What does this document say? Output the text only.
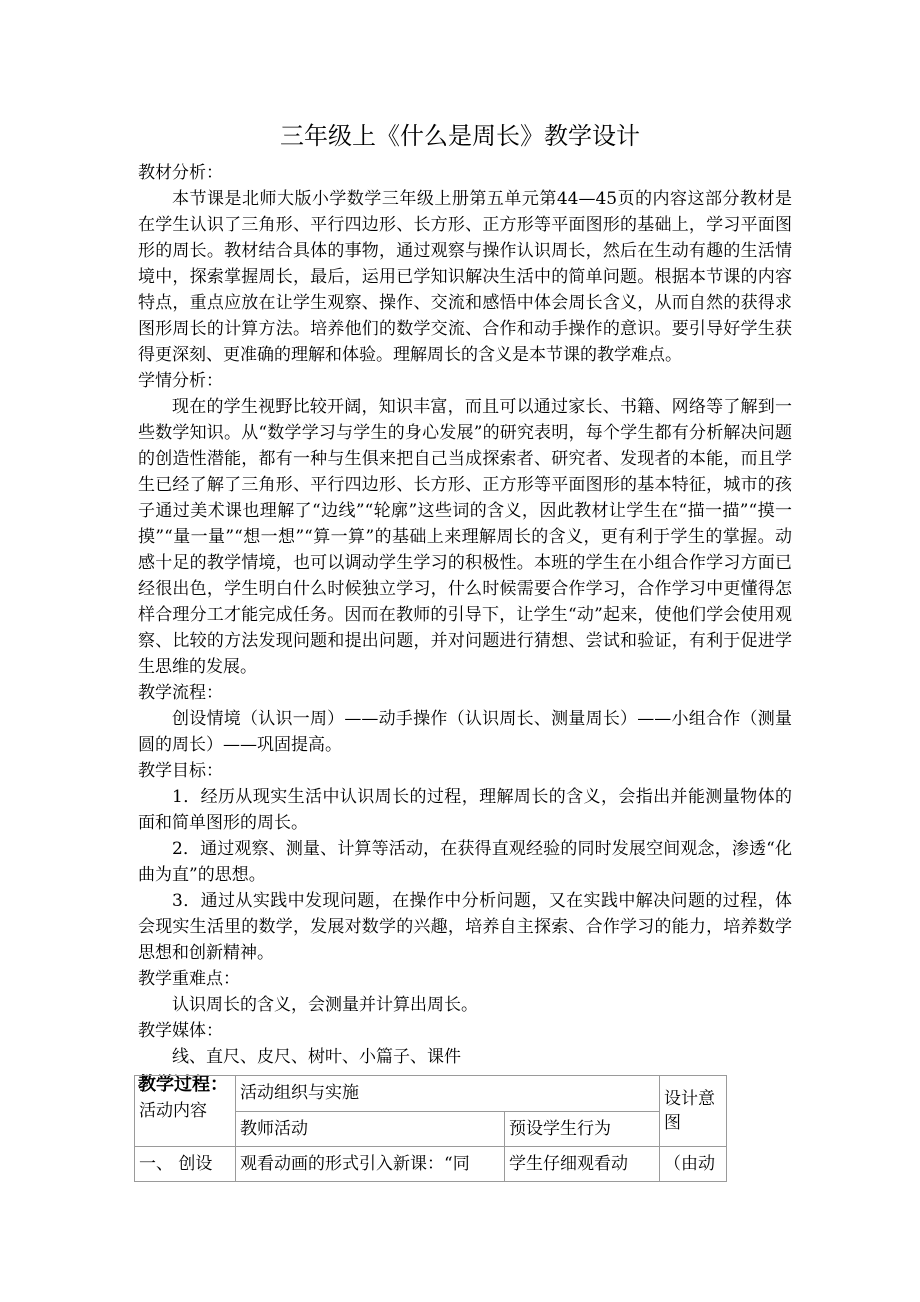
三年级上《什么是周长》教学设计
教材分析：

本节课是北师大版小学数学三年级上册第五单元第44—45页的内容这部分教材是在学生认识了三角形、平行四边形、长方形、正方形等平面图形的基础上，学习平面图形的周长。教材结合具体的事物，通过观察与操作认识周长，然后在生动有趣的生活情境中，探索掌握周长，最后，运用已学知识解决生活中的简单问题。根据本节课的内容特点，重点应放在让学生观察、操作、交流和感悟中体会周长含义，从而自然的获得求图形周长的计算方法。培养他们的数学交流、合作和动手操作的意识。要引导好学生获得更深刻、更准确的理解和体验。理解周长的含义是本节课的教学难点。

学情分析：

现在的学生视野比较开阔，知识丰富，而且可以通过家长、书籍、网络等了解到一些数学知识。从“数学学习与学生的身心发展”的研究表明，每个学生都有分析解决问题的创造性潜能，都有一种与生俱来把自己当成探索者、研究者、发现者的本能，而且学生已经了解了三角形、平行四边形、长方形、正方形等平面图形的基本特征，城市的孩子通过美术课也理解了“边线”“轮廓”这些词的含义，因此教材让学生在“描一描”“摸一摸”“量一量”“想一想”“算一算”的基础上来理解周长的含义，更有利于学生的掌握。动感十足的教学情境，也可以调动学生学习的积极性。本班的学生在小组合作学习方面已经很出色，学生明白什么时候独立学习，什么时候需要合作学习，合作学习中更懂得怎样合理分工才能完成任务。因而在教师的引导下，让学生“动”起来，使他们学会使用观察、比较的方法发现问题和提出问题，并对问题进行猜想、尝试和验证，有利于促进学生思维的发展。

教学流程：

创设情境（认识一周）——动手操作（认识周长、测量周长）——小组合作（测量圆的周长）——巩固提高。

教学目标：

1．经历从现实生活中认识周长的过程，理解周长的含义，会指出并能测量物体的面和简单图形的周长。

2．通过观察、测量、计算等活动，在获得直观经验的同时发展空间观念，渗透“化曲为直”的思想。

3．通过从实践中发现问题，在操作中分析问题，又在实践中解决问题的过程，体会现实生活里的数学，发展对数学的兴趣，培养自主探索、合作学习的能力，培养数学思想和创新精神。

教学重难点：

认识周长的含义，会测量并计算出周长。

教学媒体：

线、直尺、皮尺、树叶、小篇子、课件

教学过程：
活动内容	活动组织与实施		设计意图
	教师活动	预设学生行为	
一、 创设	观看动画的形式引入新课：“同	学生仔细观看动	（由动
